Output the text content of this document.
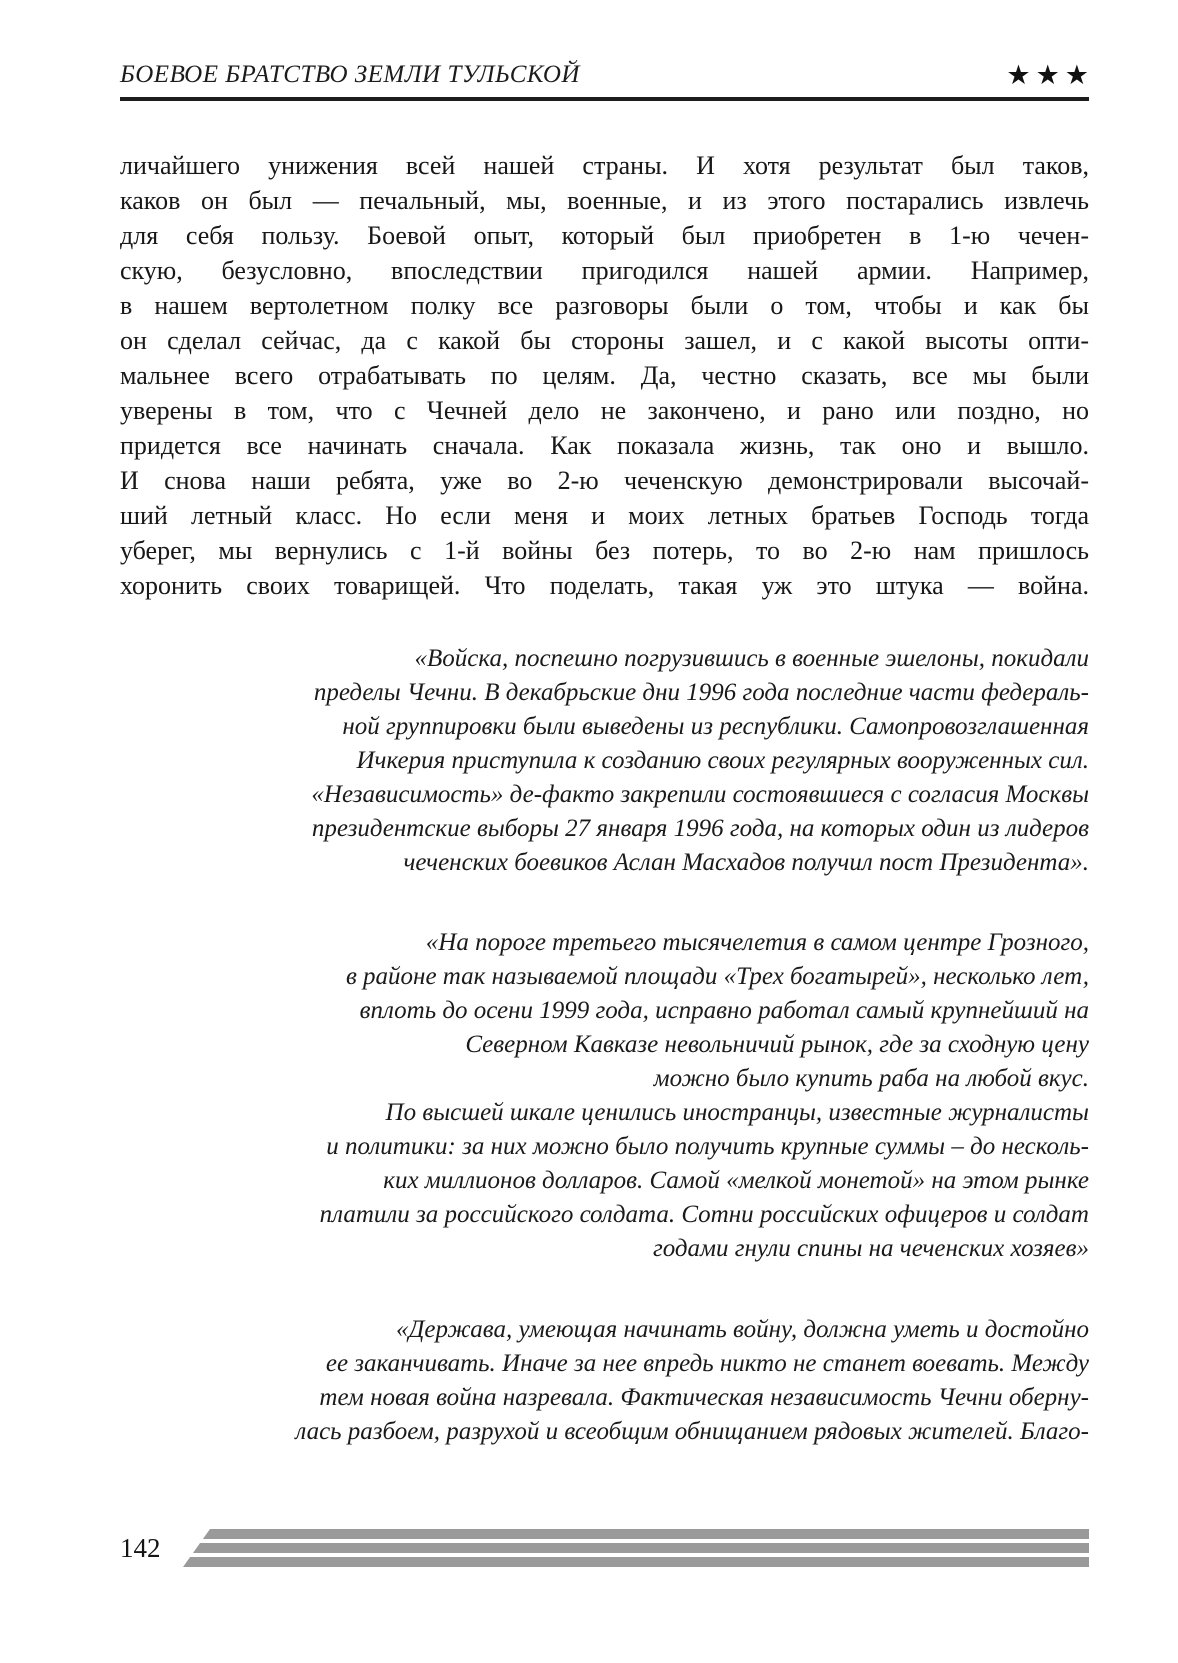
БОЕВОЕ БРАТСТВО ЗЕМЛИ ТУЛЬСКОЙ	★★★
личайшего унижения всей нашей страны. И хотя результат был таков,
каков он был — печальный, мы, военные, и из этого постарались извлечь
для себя пользу. Боевой опыт, который был приобретен в 1-ю чечен-
скую, безусловно, впоследствии пригодился нашей армии. Например,
в нашем вертолетном полку все разговоры были о том, чтобы и как бы
он сделал сейчас, да с какой бы стороны зашел, и с какой высоты опти-
мальнее всего отрабатывать по целям. Да, честно сказать, все мы были
уверены в том, что с Чечней дело не закончено, и рано или поздно, но
придется все начинать сначала. Как показала жизнь, так оно и вышло.
И снова наши ребята, уже во 2-ю чеченскую демонстрировали высочай-
ший летный класс. Но если меня и моих летных братьев Господь тогда
уберег, мы вернулись с 1-й войны без потерь, то во 2-ю нам пришлось
хоронить своих товарищей. Что поделать, такая уж это штука — война.
«Войска, поспешно погрузившись в военные эшелоны, покидали
пределы Чечни. В декабрьские дни 1996 года последние части федераль-
ной группировки были выведены из республики. Самопровозглашенная
Ичкерия приступила к созданию своих регулярных вооруженных сил.
«Независимость» де-факто закрепили состоявшиеся с согласия Москвы
президентские выборы 27 января 1996 года, на которых один из лидеров
чеченских боевиков Аслан Масхадов получил пост Президента».
«На пороге третьего тысячелетия в самом центре Грозного,
в районе так называемой площади «Трех богатырей», несколько лет,
вплоть до осени 1999 года, исправно работал самый крупнейший на
Северном Кавказе невольничий рынок, где за сходную цену
можно было купить раба на любой вкус.
По высшей шкале ценились иностранцы, известные журналисты
и политики: за них можно было получить крупные суммы – до несколь-
ких миллионов долларов. Самой «мелкой монетой» на этом рынке
платили за российского солдата. Сотни российских офицеров и солдат
годами гнули спины на чеченских хозяев»
«Держава, умеющая начинать войну, должна уметь и достойно
ее заканчивать. Иначе за нее впредь никто не станет воевать. Между
тем новая война назревала. Фактическая независимость Чечни оберну-
лась разбоем, разрухой и всеобщим обнищанием рядовых жителей. Благо-
142
